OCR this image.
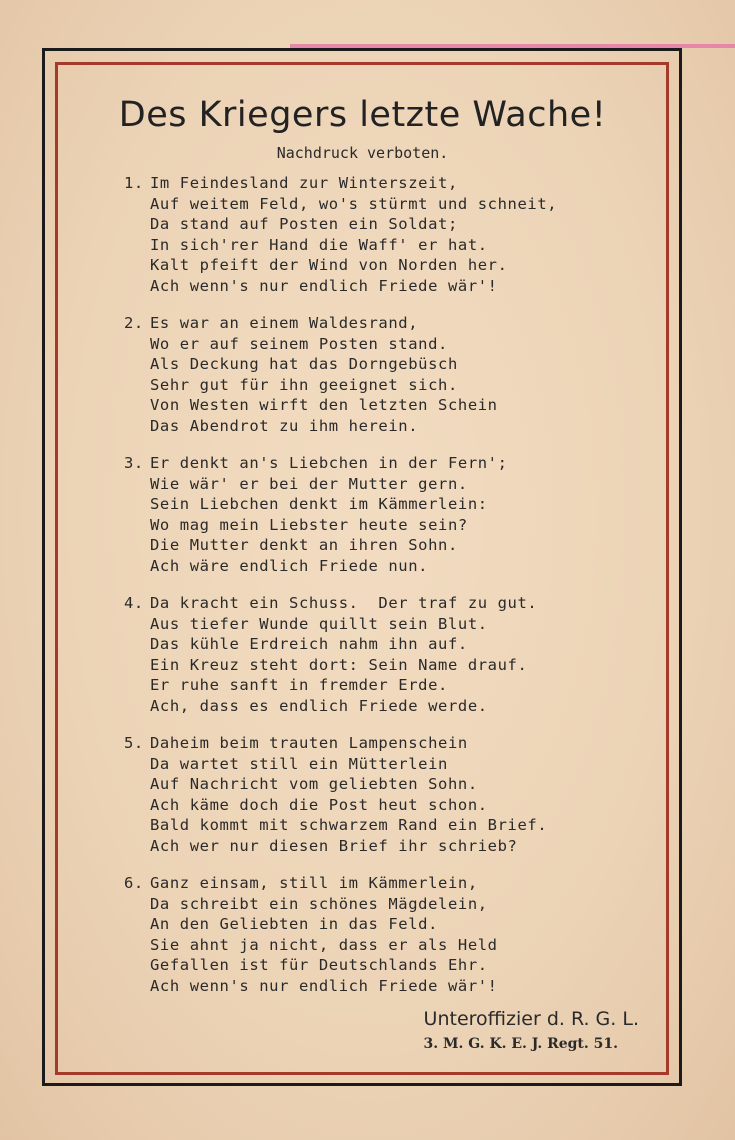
Des Kriegers letzte Wache!
Nachdruck verboten.
1. Im Feindesland zur Winterszeit,
Auf weitem Feld, wo's stürmt und schneit,
Da stand auf Posten ein Soldat;
In sich'rer Hand die Waff' er hat.
Kalt pfeift der Wind von Norden her.
Ach wenn's nur endlich Friede wär'!
2. Es war an einem Waldesrand,
Wo er auf seinem Posten stand.
Als Deckung hat das Dorngebüsch
Sehr gut für ihn geeignet sich.
Von Westen wirft den letzten Schein
Das Abendrot zu ihm herein.
3. Er denkt an's Liebchen in der Fern';
Wie wär' er bei der Mutter gern.
Sein Liebchen denkt im Kämmerlein:
Wo mag mein Liebster heute sein?
Die Mutter denkt an ihren Sohn.
Ach wäre endlich Friede nun.
4. Da kracht ein Schuss.  Der traf zu gut.
Aus tiefer Wunde quillt sein Blut.
Das kühle Erdreich nahm ihn auf.
Ein Kreuz steht dort: Sein Name drauf.
Er ruhe sanft in fremder Erde.
Ach, dass es endlich Friede werde.
5. Daheim beim trauten Lampenschein
Da wartet still ein Mütterlein
Auf Nachricht vom geliebten Sohn.
Ach käme doch die Post heut schon.
Bald kommt mit schwarzem Rand ein Brief.
Ach wer nur diesen Brief ihr schrieb?
6. Ganz einsam, still im Kämmerlein,
Da schreibt ein schönes Mägdelein,
An den Geliebten in das Feld.
Sie ahnt ja nicht, dass er als Held
Gefallen ist für Deutschlands Ehr.
Ach wenn's nur endlich Friede wär'!
Unteroffizier d. R. G. L.
3. M. G. K. E. J. Regt. 51.
